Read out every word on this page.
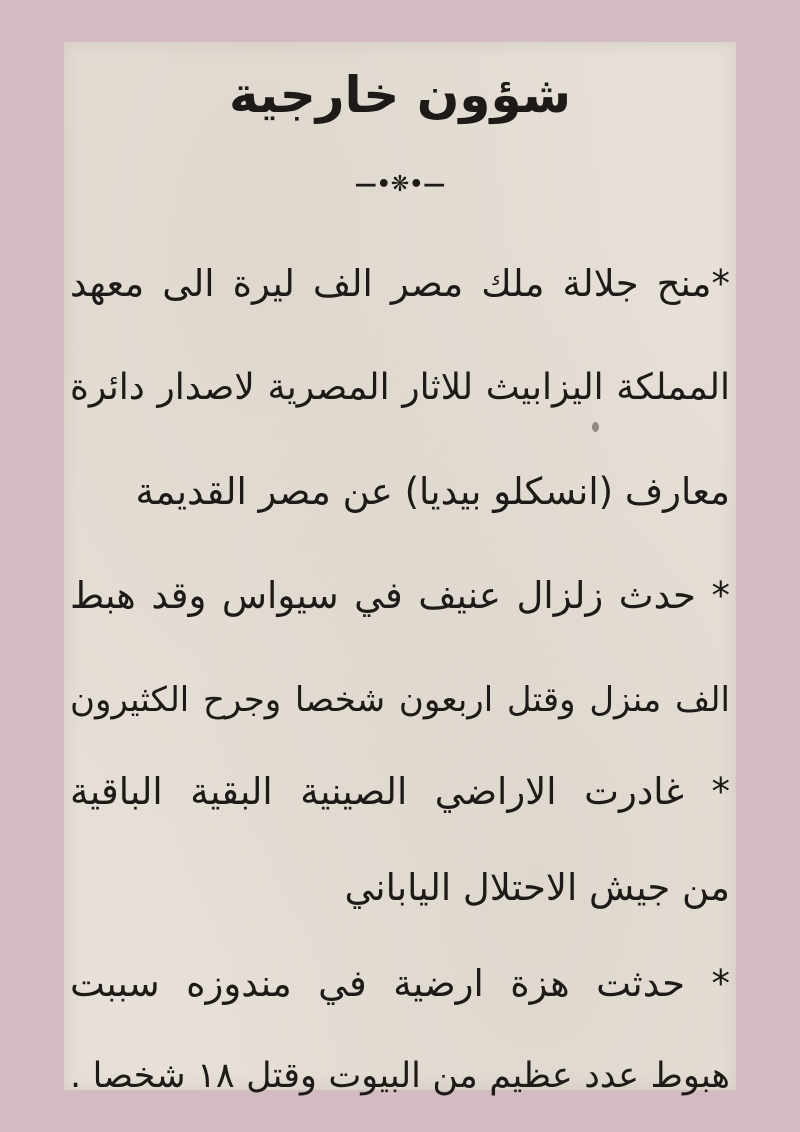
شؤون خارجية
—•❋•—
*منح جلالة ملك مصر الف ليرة الى معهد
المملكة اليزابيث للاثار المصرية لاصدار دائرة
معارف (انسكلو بيديا) عن مصر القديمة
* حدث زلزال عنيف في سيواس وقد هبط
الف منزل وقتل اربعون شخصا وجرح الكثيرون
* غادرت الاراضي الصينية البقية الباقية
من جيش الاحتلال الياباني
* حدثت هزة ارضية في مندوزه سببت
هبوط عدد عظيم من البيوت وقتل ١٨ شخصا .
